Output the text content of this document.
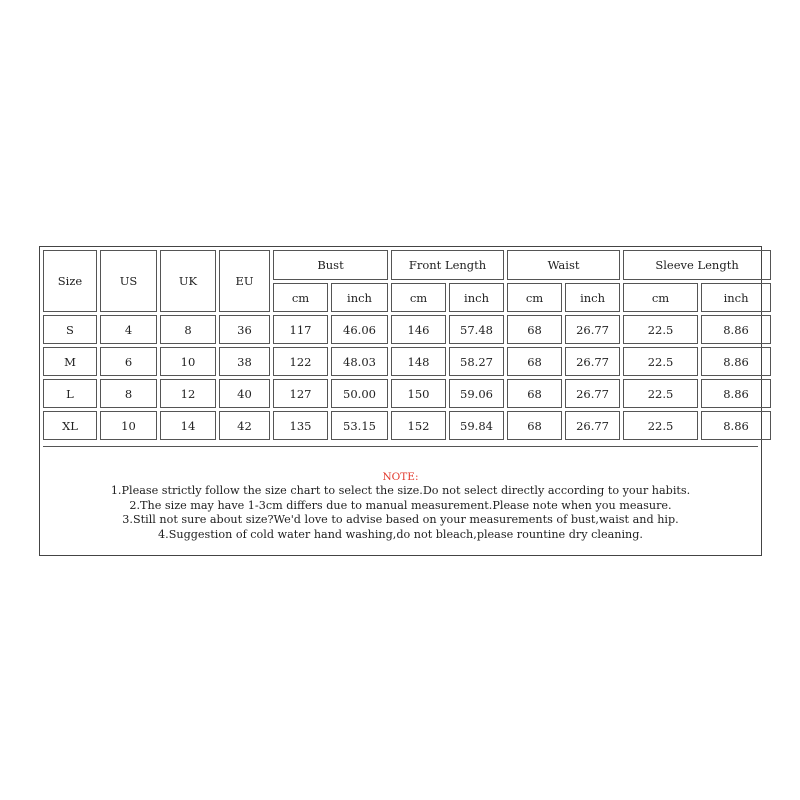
Size	US	UK	EU	Bust		Front Length		Waist		Sleeve Length	
				cm	inch	cm	inch	cm	inch	cm	inch
S	4	8	36	117	46.06	146	57.48	68	26.77	22.5	8.86
M	6	10	38	122	48.03	148	58.27	68	26.77	22.5	8.86
L	8	12	40	127	50.00	150	59.06	68	26.77	22.5	8.86
XL	10	14	42	135	53.15	152	59.84	68	26.77	22.5	8.86
NOTE:
1.Please strictly follow the size chart to select the size.Do not select directly according to your habits.
2.The size may have 1-3cm differs due to manual measurement.Please note when you measure.
3.Still not sure about size?We'd love to advise based on your measurements of bust,waist and hip.
4.Suggestion of cold water hand washing,do not bleach,please rountine dry cleaning.
